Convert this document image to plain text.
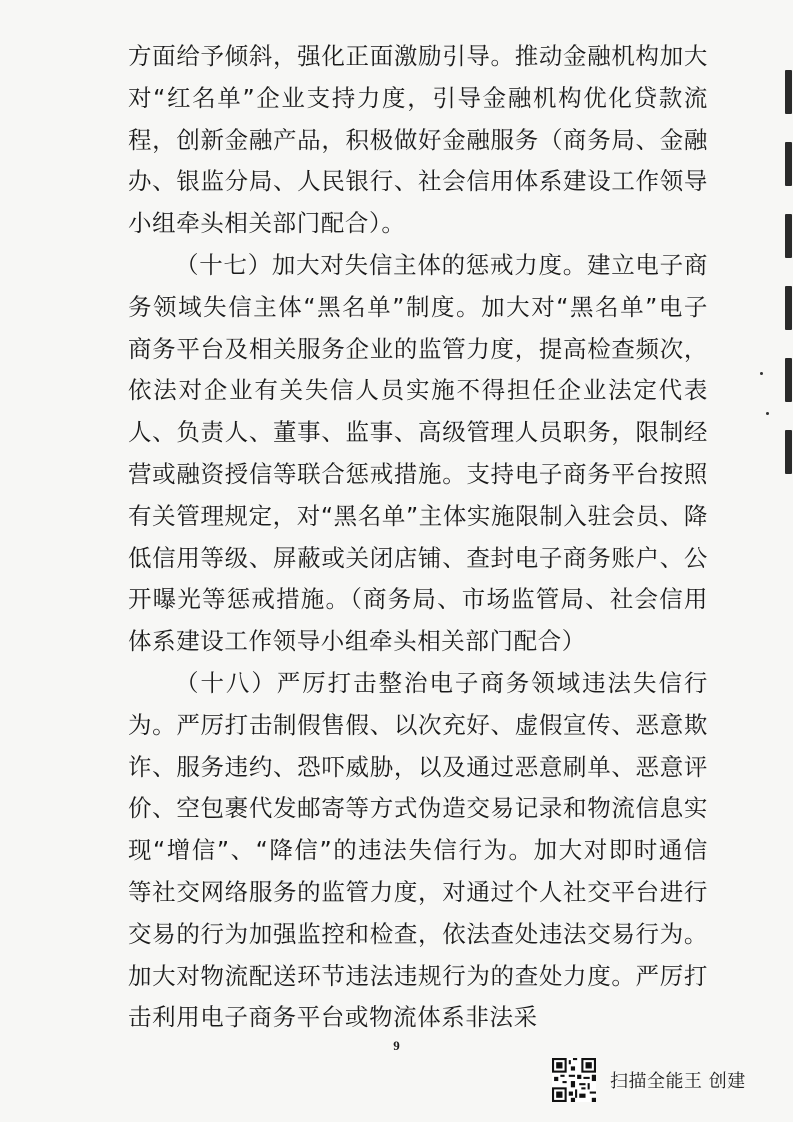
方面给予倾斜，强化正面激励引导。推动金融机构加大对“红名单”企业支持力度，引导金融机构优化贷款流程，创新金融产品，积极做好金融服务（商务局、金融办、银监分局、人民银行、社会信用体系建设工作领导小组牵头相关部门配合）。

（十七）加大对失信主体的惩戒力度。建立电子商务领域失信主体“黑名单”制度。加大对“黑名单”电子商务平台及相关服务企业的监管力度，提高检查频次，依法对企业有关失信人员实施不得担任企业法定代表人、负责人、董事、监事、高级管理人员职务，限制经营或融资授信等联合惩戒措施。支持电子商务平台按照有关管理规定，对“黑名单”主体实施限制入驻会员、降低信用等级、屏蔽或关闭店铺、查封电子商务账户、公开曝光等惩戒措施。（商务局、市场监管局、社会信用体系建设工作领导小组牵头相关部门配合）

（十八）严厉打击整治电子商务领域违法失信行为。严厉打击制假售假、以次充好、虚假宣传、恶意欺诈、服务违约、恐吓威胁，以及通过恶意刷单、恶意评价、空包裹代发邮寄等方式伪造交易记录和物流信息实现“增信”、“降信”的违法失信行为。加大对即时通信等社交网络服务的监管力度，对通过个人社交平台进行交易的行为加强监控和检查，依法查处违法交易行为。加大对物流配送环节违法违规行为的查处力度。严厉打击利用电子商务平台或物流体系非法采

9
扫描全能王 创建
